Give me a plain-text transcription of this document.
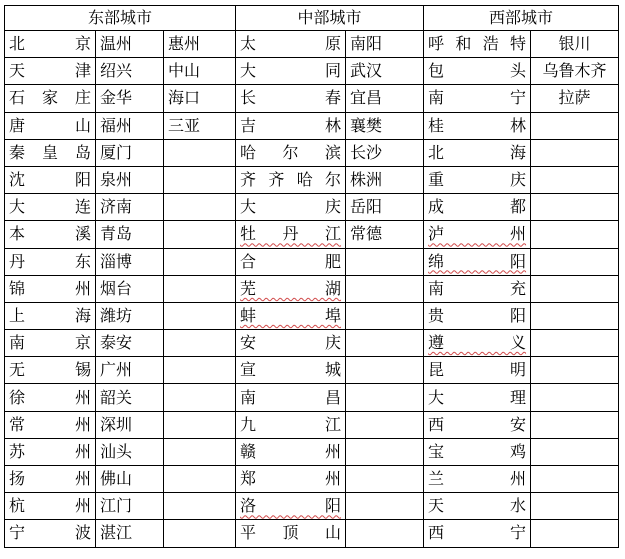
东部城市			中部城市		西部城市	
北 京	温州	惠州	太 原	南阳	呼和浩特	银川
天 津	绍兴	中山	大 同	武汉	包 头	乌鲁木齐
石家庄	金华	海口	长 春	宜昌	南 宁	拉萨
唐 山	福州	三亚	吉 林	襄樊	桂 林	
秦皇岛	厦门		哈尔滨	长沙	北 海	
沈 阳	泉州		齐齐哈尔	株洲	重 庆	
大 连	济南		大 庆	岳阳	成 都	
本 溪	青岛		牡丹江	常德	泸 州	
丹 东	淄博		合 肥		绵 阳	
锦 州	烟台		芜 湖		南 充	
上 海	潍坊		蚌 埠		贵 阳	
南 京	泰安		安 庆		遵 义	
无 锡	广州		宣 城		昆 明	
徐 州	韶关		南 昌		大 理	
常 州	深圳		九 江		西 安	
苏 州	汕头		赣 州		宝 鸡	
扬 州	佛山		郑 州		兰 州	
杭 州	江门		洛 阳		天 水	
宁 波	湛江		平顶山		西 宁	
